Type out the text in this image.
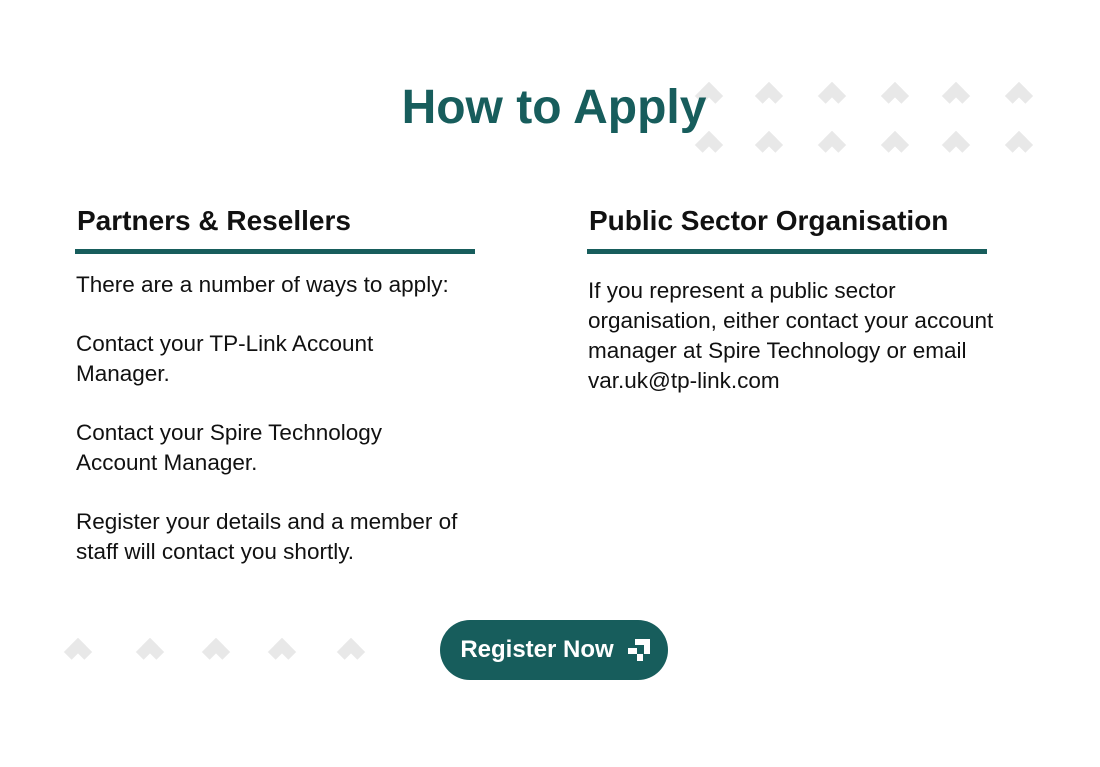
How to Apply
Partners & Resellers

There are a number of ways to apply:

Contact your TP-Link Account Manager.

Contact your Spire Technology Account Manager.

Register your details and a member of staff will contact you shortly.

Public Sector Organisation

If you represent a public sector organisation, either contact your account manager at Spire Technology or email var.uk@tp-link.com

Register Now
